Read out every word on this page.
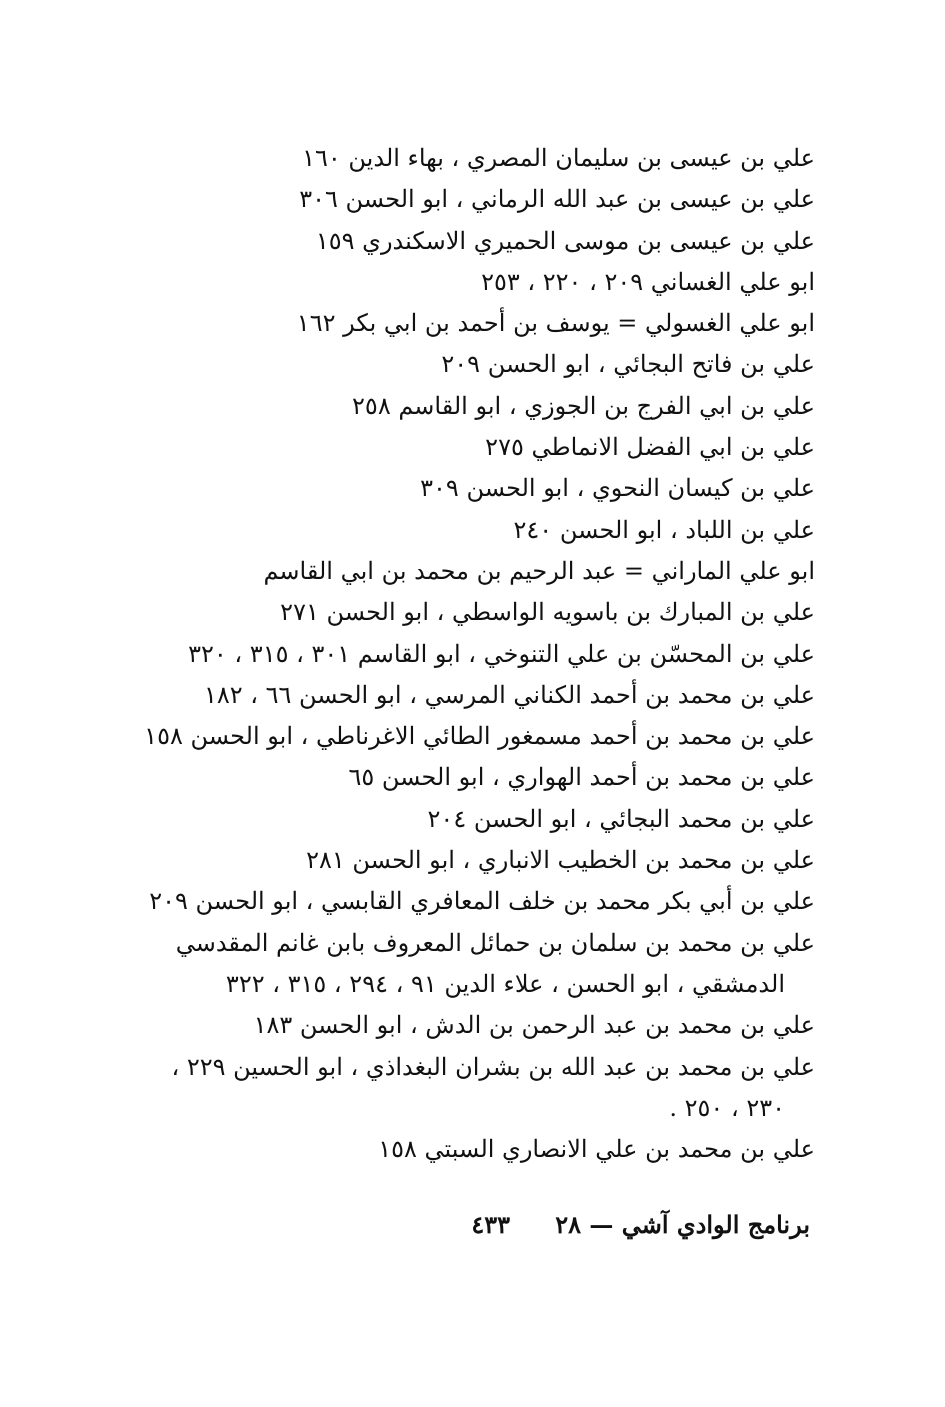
علي بن عيسى بن سليمان المصري ، بهاء الدين ١٦٠
علي بن عيسى بن عبد الله الرماني ، ابو الحسن ٣٠٦
علي بن عيسى بن موسى الحميري الاسكندري ١٥٩
ابو علي الغساني ٢٠٩ ، ٢٢٠ ، ٢٥٣
ابو علي الغسولي = يوسف بن أحمد بن ابي بكر ١٦٢
علي بن فاتح البجائي ، ابو الحسن ٢٠٩
علي بن ابي الفرج بن الجوزي ، ابو القاسم ٢٥٨
علي بن ابي الفضل الانماطي ٢٧٥
علي بن كيسان النحوي ، ابو الحسن ٣٠٩
علي بن اللباد ، ابو الحسن ٢٤٠
ابو علي الماراني = عبد الرحيم بن محمد بن ابي القاسم
علي بن المبارك بن باسويه الواسطي ، ابو الحسن ٢٧١
علي بن المحسّن بن علي التنوخي ، ابو القاسم ٣٠١ ، ٣١٥ ، ٣٢٠
علي بن محمد بن أحمد الكناني المرسي ، ابو الحسن ٦٦ ، ١٨٢
علي بن محمد بن أحمد مسمغور الطائي الاغرناطي ، ابو الحسن ١٥٨
علي بن محمد بن أحمد الهواري ، ابو الحسن ٦٥
علي بن محمد البجائي ، ابو الحسن ٢٠٤
علي بن محمد بن الخطيب الانباري ، ابو الحسن ٢٨١
علي بن أبي بكر محمد بن خلف المعافري القابسي ، ابو الحسن ٢٠٩
علي بن محمد بن سلمان بن حمائل المعروف بابن غانم المقدسي
الدمشقي ، ابو الحسن ، علاء الدين ٩١ ، ٢٩٤ ، ٣١٥ ، ٣٢٢
علي بن محمد بن عبد الرحمن بن الدش ، ابو الحسن ١٨٣
علي بن محمد بن عبد الله بن بشران البغداذي ، ابو الحسين ٢٢٩ ،
٢٣٠ ، ٢٥٠ .
علي بن محمد بن علي الانصاري السبتي ١٥٨
برنامج الوادي آشي — ٢٨
٤٣٣
